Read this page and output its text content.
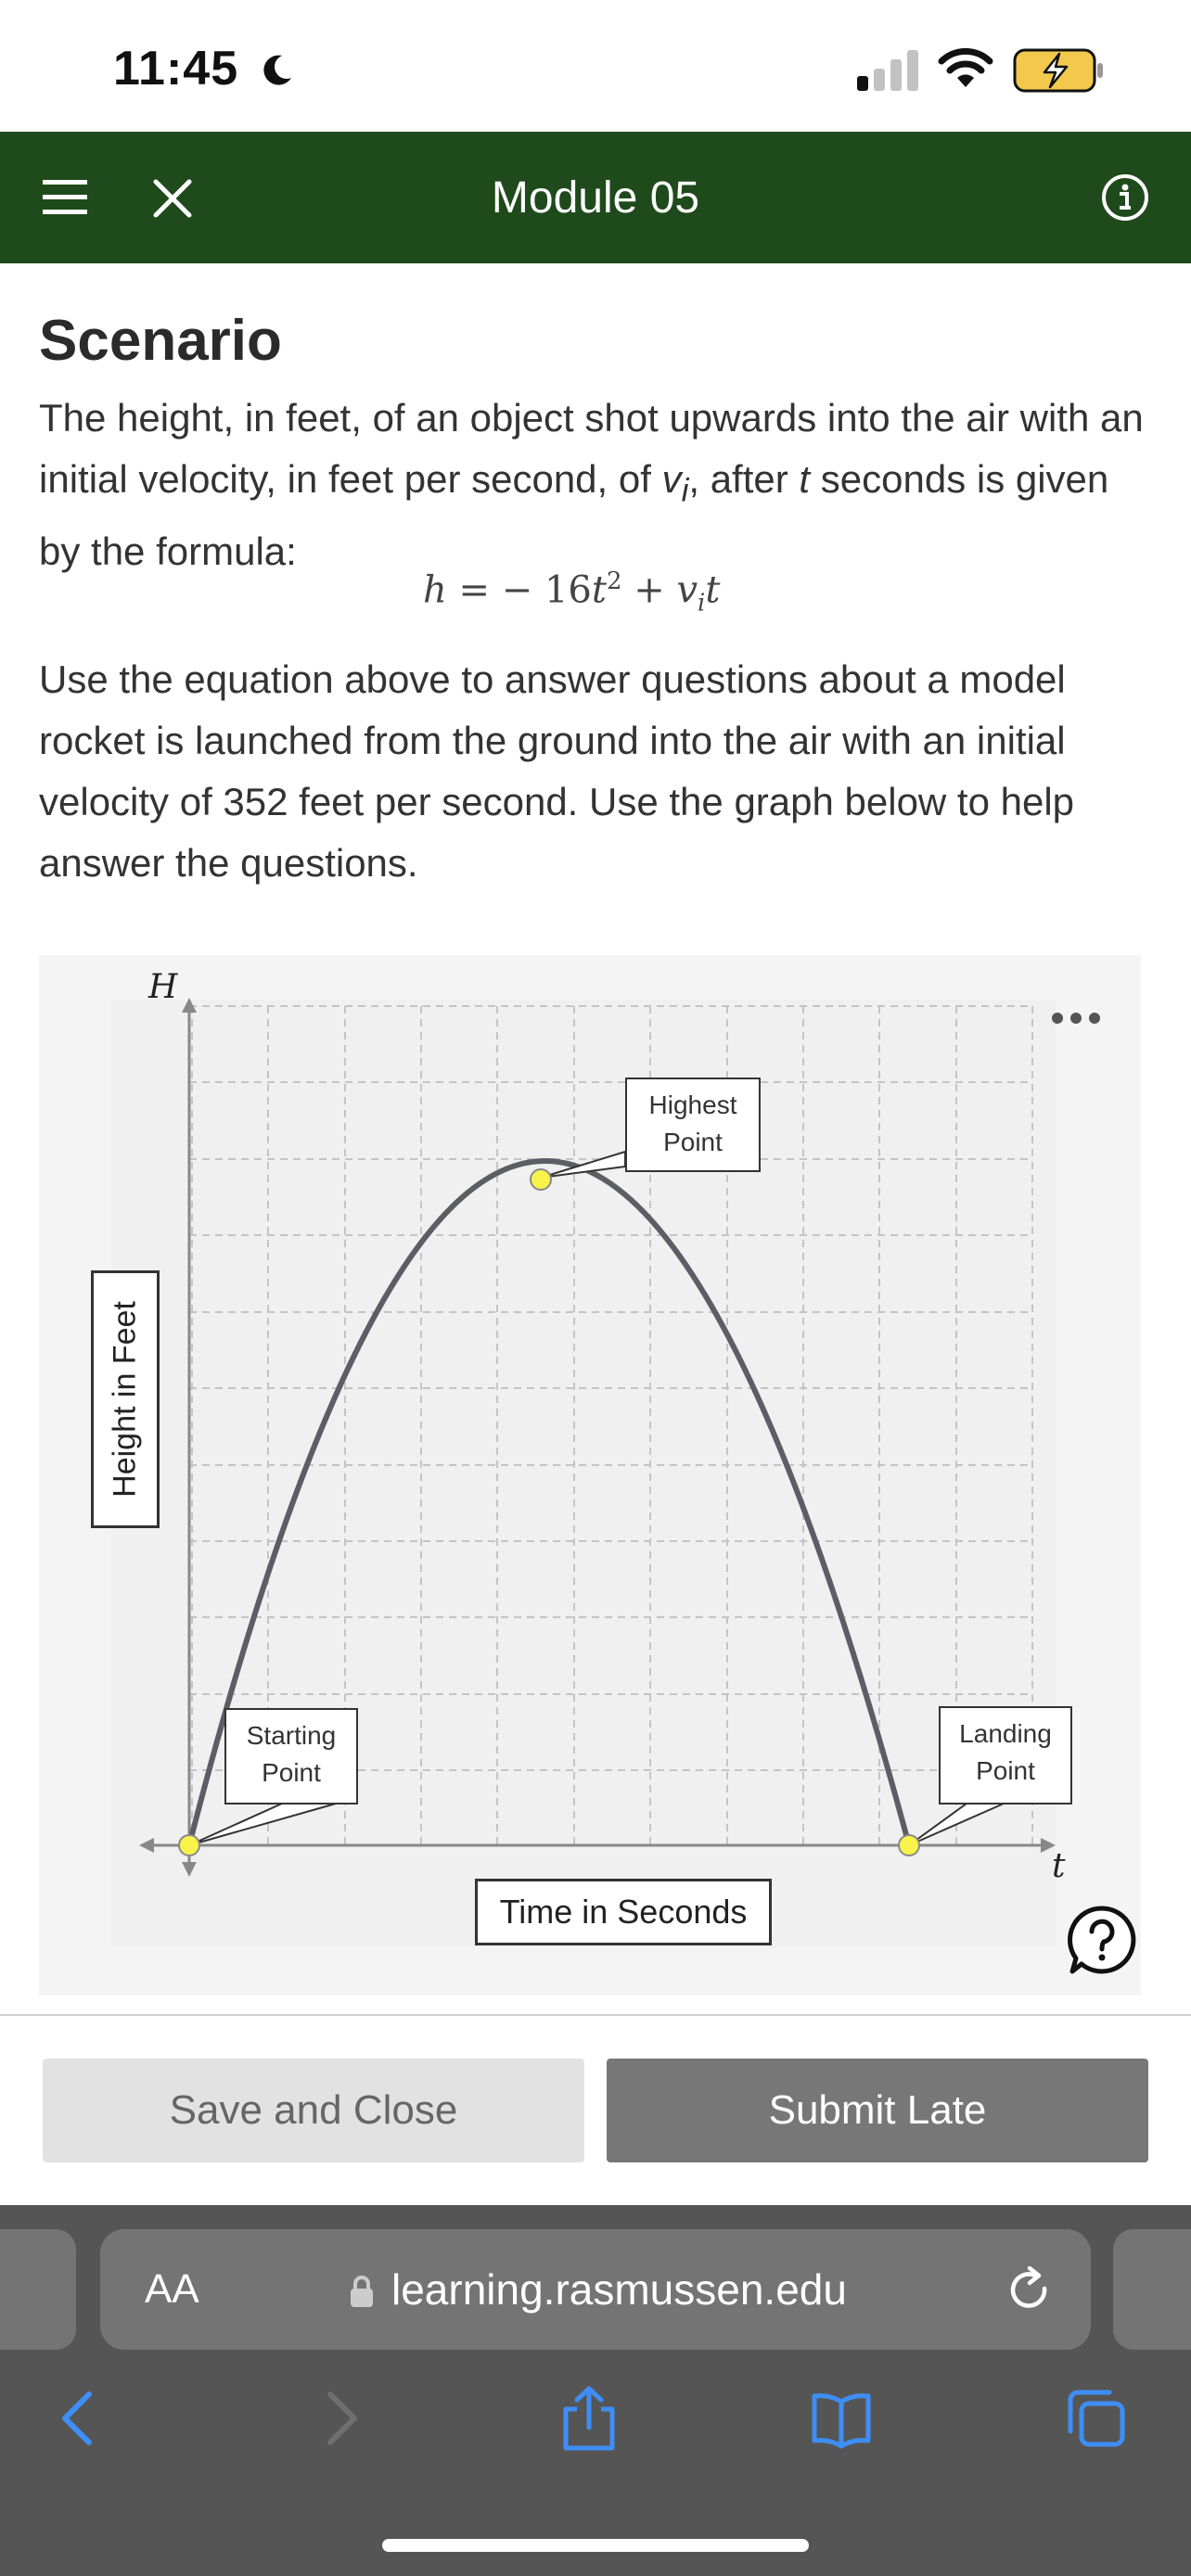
11:45
Module 05
Scenario
The height, in feet, of an object shot upwards into the air with an initial velocity, in feet per second, of $v_i$, after t seconds is given by the formula:
h = − $16t^2 + v_it$
Use the equation above to answer questions about a model rocket is launched from the ground into the air with an initial velocity of 352 feet per second. Use the graph below to help answer the questions.
H
t
Highest
Point
Starting
Point
Landing
Point
Height in Feet
Time in Seconds
Save and Close	Submit Late
AA	learning.rasmussen.edu
